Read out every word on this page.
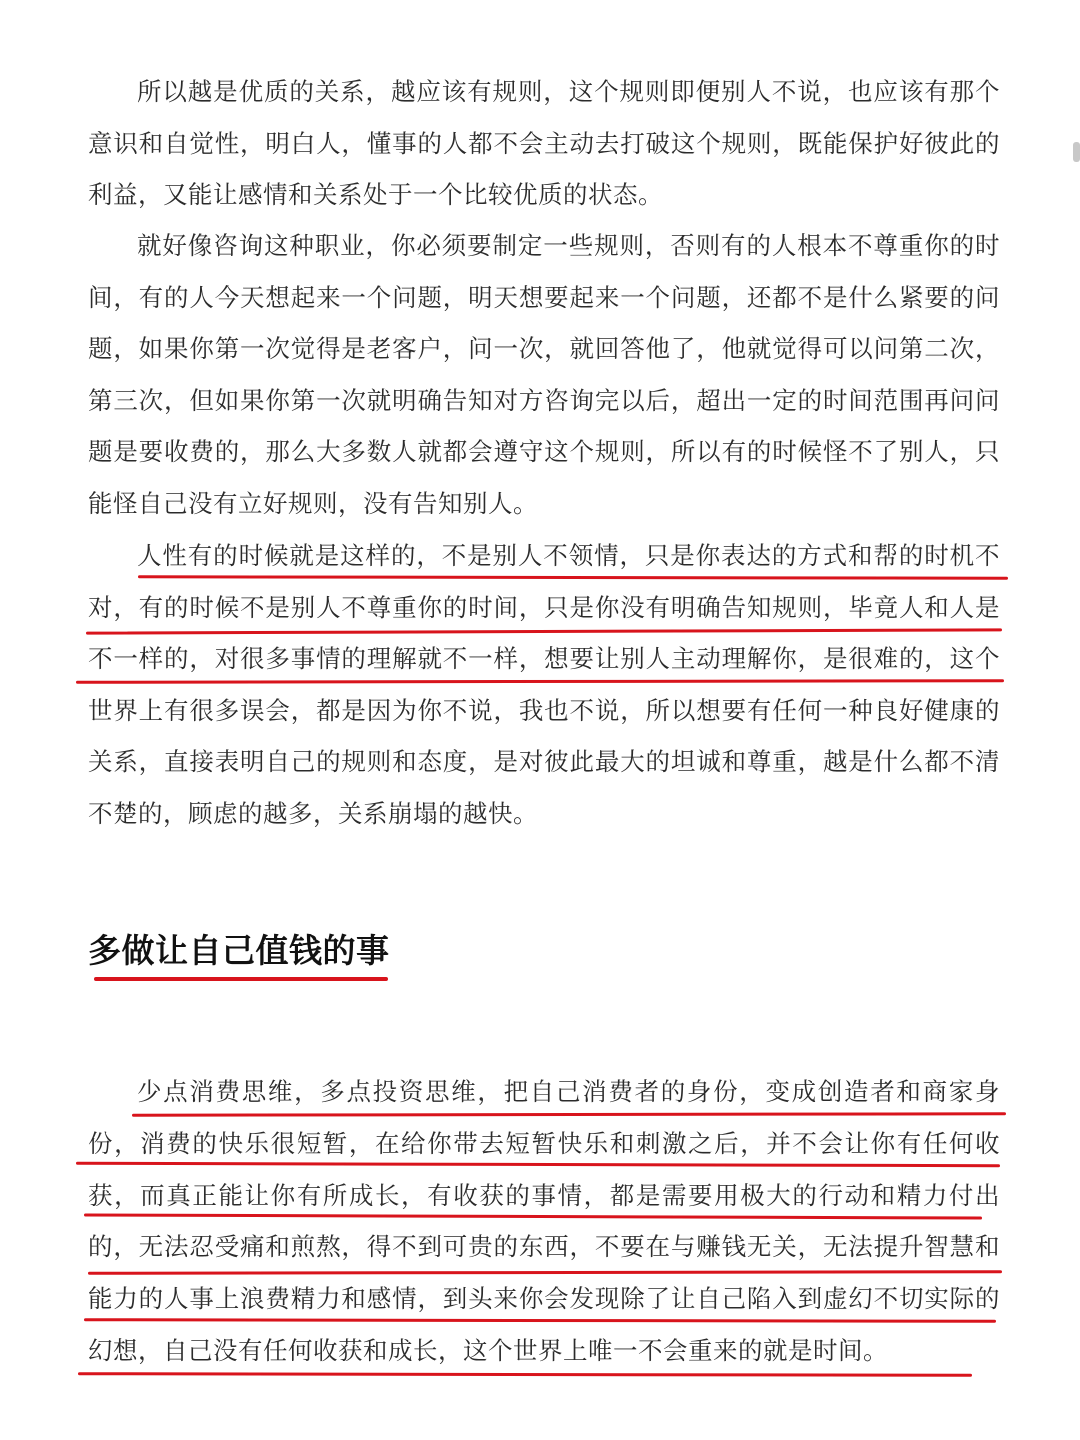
所以越是优质的关系，越应该有规则，这个规则即便别人不说，也应该有那个意识和自觉性，明白人，懂事的人都不会主动去打破这个规则，既能保护好彼此的利益，又能让感情和关系处于一个比较优质的状态。

就好像咨询这种职业，你必须要制定一些规则，否则有的人根本不尊重你的时间，有的人今天想起来一个问题，明天想要起来一个问题，还都不是什么紧要的问题，如果你第一次觉得是老客户，问一次，就回答他了，他就觉得可以问第二次，第三次，但如果你第一次就明确告知对方咨询完以后，超出一定的时间范围再问问题是要收费的，那么大多数人就都会遵守这个规则，所以有的时候怪不了别人，只能怪自己没有立好规则，没有告知别人。

人性有的时候就是这样的，不是别人不领情，只是你表达的方式和帮的时机不对，有的时候不是别人不尊重你的时间，只是你没有明确告知规则，毕竟人和人是不一样的，对很多事情的理解就不一样，想要让别人主动理解你，是很难的，这个世界上有很多误会，都是因为你不说，我也不说，所以想要有任何一种良好健康的关系，直接表明自己的规则和态度，是对彼此最大的坦诚和尊重，越是什么都不清不楚的，顾虑的越多，关系崩塌的越快。

多做让自己值钱的事

少点消费思维，多点投资思维，把自己消费者的身份，变成创造者和商家身份，消费的快乐很短暂，在给你带去短暂快乐和刺激之后，并不会让你有任何收获，而真正能让你有所成长，有收获的事情，都是需要用极大的行动和精力付出的，无法忍受痛和煎熬，得不到可贵的东西，不要在与赚钱无关，无法提升智慧和能力的人事上浪费精力和感情，到头来你会发现除了让自己陷入到虚幻不切实际的幻想，自己没有任何收获和成长，这个世界上唯一不会重来的就是时间。
